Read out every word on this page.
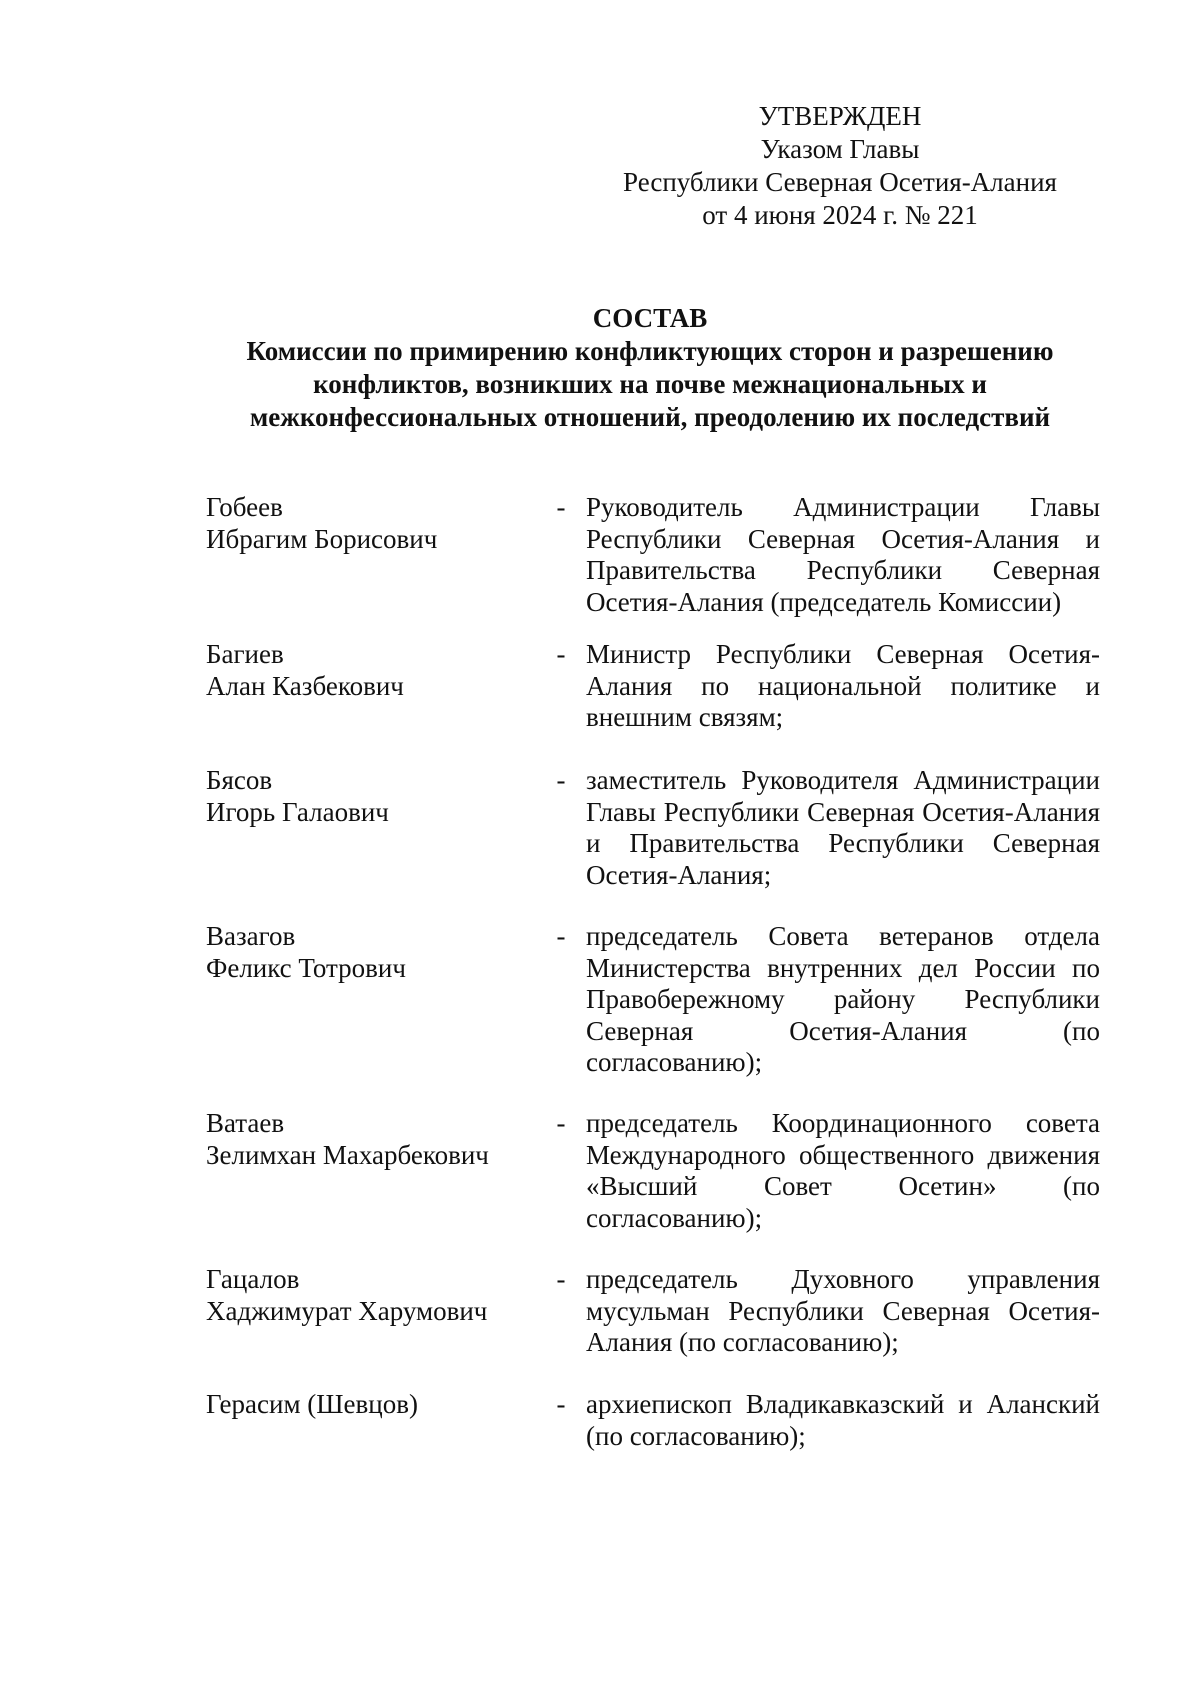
УТВЕРЖДЕН
Указом Главы
Республики Северная Осетия-Алания
от 4 июня 2024 г. № 221
СОСТАВ
Комиссии по примирению конфликтующих сторон и разрешению
конфликтов, возникших на почве межнациональных и
межконфессиональных отношений, преодолению их последствий
Гобеев
Ибрагим Борисович
- Руководитель Администрации Главы Республики Северная Осетия-Алания и Правительства Республики Северная Осетия-Алания (председатель Комиссии)
Багиев
Алан Казбекович
- Министр Республики Северная Осетия-Алания по национальной политике и внешним связям;
Бясов
Игорь Галаович
- заместитель Руководителя Администрации Главы Республики Северная Осетия-Алания и Правительства Республики Северная Осетия-Алания;
Вазагов
Феликс Тотрович
- председатель Совета ветеранов отдела Министерства внутренних дел России по Правобережному району Республики Северная Осетия-Алания (по согласованию);
Ватаев
Зелимхан Махарбекович
- председатель Координационного совета Международного общественного движения «Высший Совет Осетин» (по согласованию);
Гацалов
Хаджимурат Харумович
- председатель Духовного управления мусульман Республики Северная Осетия-Алания (по согласованию);
Герасим (Шевцов)	- архиепископ Владикавказский и Аланский (по согласованию);
